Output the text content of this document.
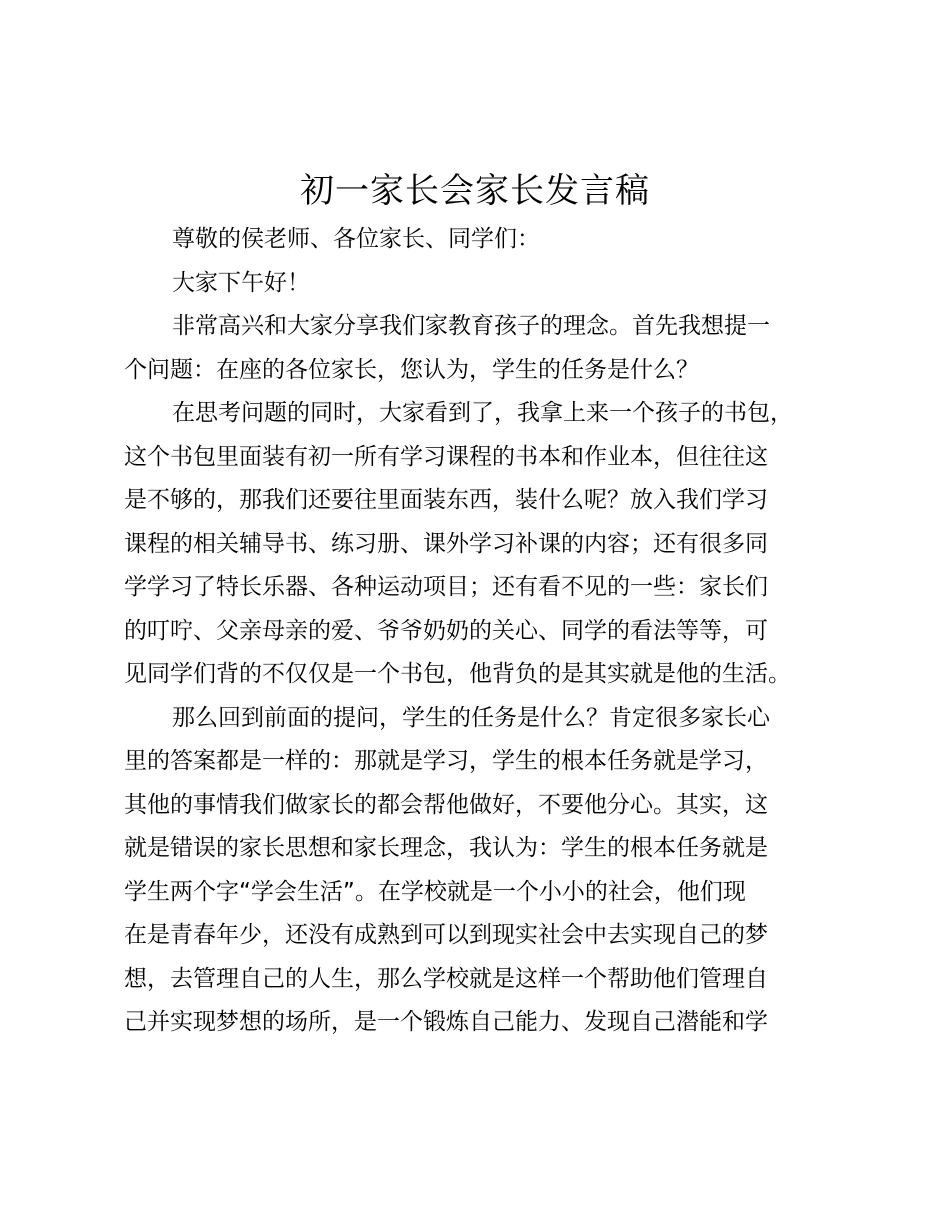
初一家长会家长发言稿
尊敬的侯老师、各位家长、同学们：
大家下午好！
非常高兴和大家分享我们家教育孩子的理念。首先我想提一
个问题：在座的各位家长，您认为，学生的任务是什么？
在思考问题的同时，大家看到了，我拿上来一个孩子的书包，
这个书包里面装有初一所有学习课程的书本和作业本，但往往这
是不够的，那我们还要往里面装东西，装什么呢？放入我们学习
课程的相关辅导书、练习册、课外学习补课的内容；还有很多同
学学习了特长乐器、各种运动项目；还有看不见的一些：家长们
的叮咛、父亲母亲的爱、爷爷奶奶的关心、同学的看法等等，可
见同学们背的不仅仅是一个书包，他背负的是其实就是他的生活。
那么回到前面的提问，学生的任务是什么？肯定很多家长心
里的答案都是一样的：那就是学习，学生的根本任务就是学习，
其他的事情我们做家长的都会帮他做好，不要他分心。其实，这
就是错误的家长思想和家长理念，我认为：学生的根本任务就是
学生两个字“学会生活”。在学校就是一个小小的社会，他们现
在是青春年少，还没有成熟到可以到现实社会中去实现自己的梦
想，去管理自己的人生，那么学校就是这样一个帮助他们管理自
己并实现梦想的场所，是一个锻炼自己能力、发现自己潜能和学
